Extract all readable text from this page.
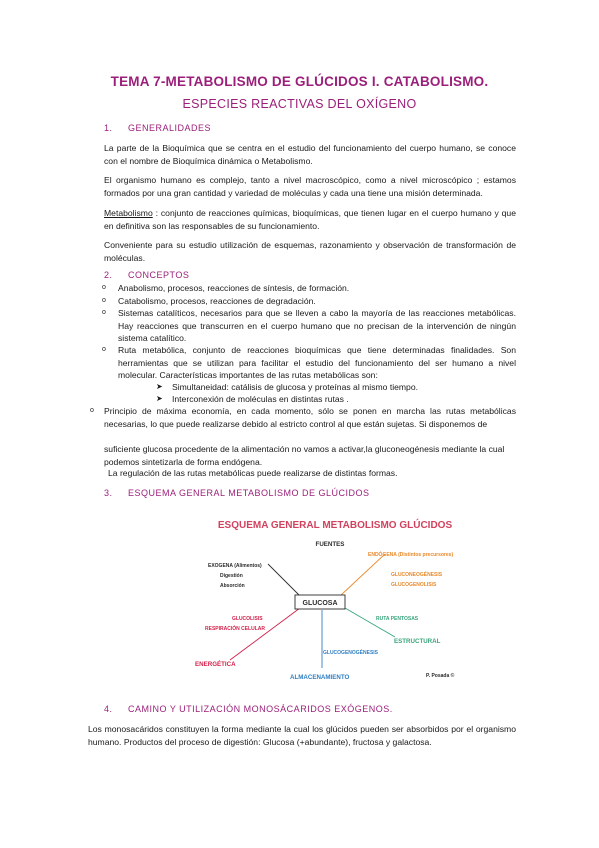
TEMA 7-METABOLISMO DE GLÚCIDOS I. CATABOLISMO.
ESPECIES REACTIVAS DEL OXÍGENO
1. GENERALIDADES
La parte de la Bioquímica que se centra en el estudio del funcionamiento del cuerpo humano, se conoce con el nombre de Bioquímica dinámica o Metabolismo.
El organismo humano es complejo, tanto a nivel macroscópico, como a nivel microscópico ; estamos formados por una gran cantidad y variedad de moléculas y cada una tiene una misión determinada.
Metabolismo : conjunto de reacciones químicas, bioquímicas, que tienen lugar en el cuerpo humano y que en definitiva son las responsables de su funcionamiento.
Conveniente para su estudio utilización de esquemas, razonamiento y observación de transformación de moléculas.
2. CONCEPTOS
o Anabolismo, procesos, reacciones de síntesis, de formación.
o Catabolismo, procesos, reacciones de degradación.
o Sistemas catalíticos, necesarios para que se lleven a cabo la mayoría de las reacciones metabólicas. Hay reacciones que transcurren en el cuerpo humano que no precisan de la intervención de ningún sistema catalítico.
o Ruta metabólica, conjunto de reacciones bioquímicas que tiene determinadas finalidades. Son herramientas que se utilizan para facilitar el estudio del funcionamiento del ser humano a nivel molecular. Características importantes de las rutas metabólicas son:
➤ Simultaneidad: catálisis de glucosa y proteínas al mismo tiempo.
➤ Interconexión de moléculas en distintas rutas .
o Principio de máxima economía, en cada momento, sólo se ponen en marcha las rutas metabólicas necesarias, lo que puede realizarse debido al estricto control al que están sujetas. Si disponemos de
suficiente glucosa procedente de la alimentación no vamos a activar,la gluconeogénesis mediante la cual podemos sintetizarla de forma endógena.
La regulación de las rutas metabólicas puede realizarse de distintas formas.
3. ESQUEMA GENERAL METABOLISMO DE GLÚCIDOS
ESQUEMA GENERAL METABOLISMO GLÚCIDOS
FUENTES
GLUCOSA
EXOGENA (Alimentos)
Digestión
Absorción
ENDÓGENA (Distintos precursores)
GLUCONEOGÉNESIS
GLUCOGENOLISIS
GLUCOLISIS
RESPIRACIÓN CELULAR
ENERGÉTICA
RUTA PENTOSAS
ESTRUCTURAL
GLUCOGENOGÉNESIS
ALMACENAMIENTO	P. Posada ©
4. CAMINO Y UTILIZACIÓN MONOSÁCARIDOS EXÓGENOS.
Los monosacáridos constituyen la forma mediante la cual los glúcidos pueden ser absorbidos por el organismo humano. Productos del proceso de digestión: Glucosa (+abundante), fructosa y galactosa.
